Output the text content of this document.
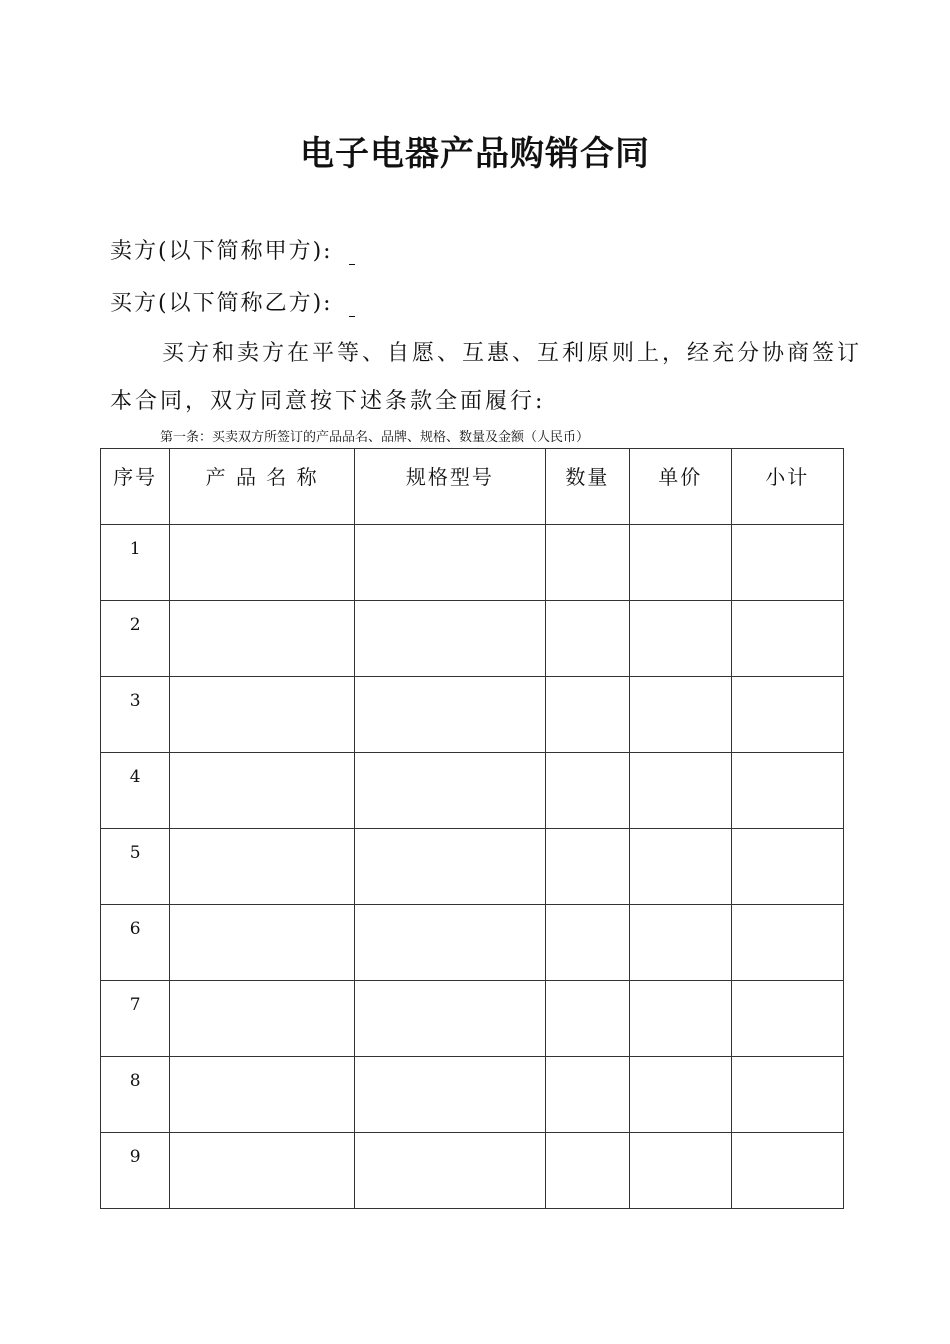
电子电器产品购销合同
卖方(以下简称甲方):
买方(以下简称乙方):
买方和卖方在平等、自愿、互惠、互利原则上，经充分协商签订
本合同，双方同意按下述条款全面履行:
第一条：买卖双方所签订的产品品名、品牌、规格、数量及金额（人民币）
序号	产 品 名 称	规格型号	数量	单价	小计
1					
2					
3					
4					
5					
6					
7					
8					
9					
